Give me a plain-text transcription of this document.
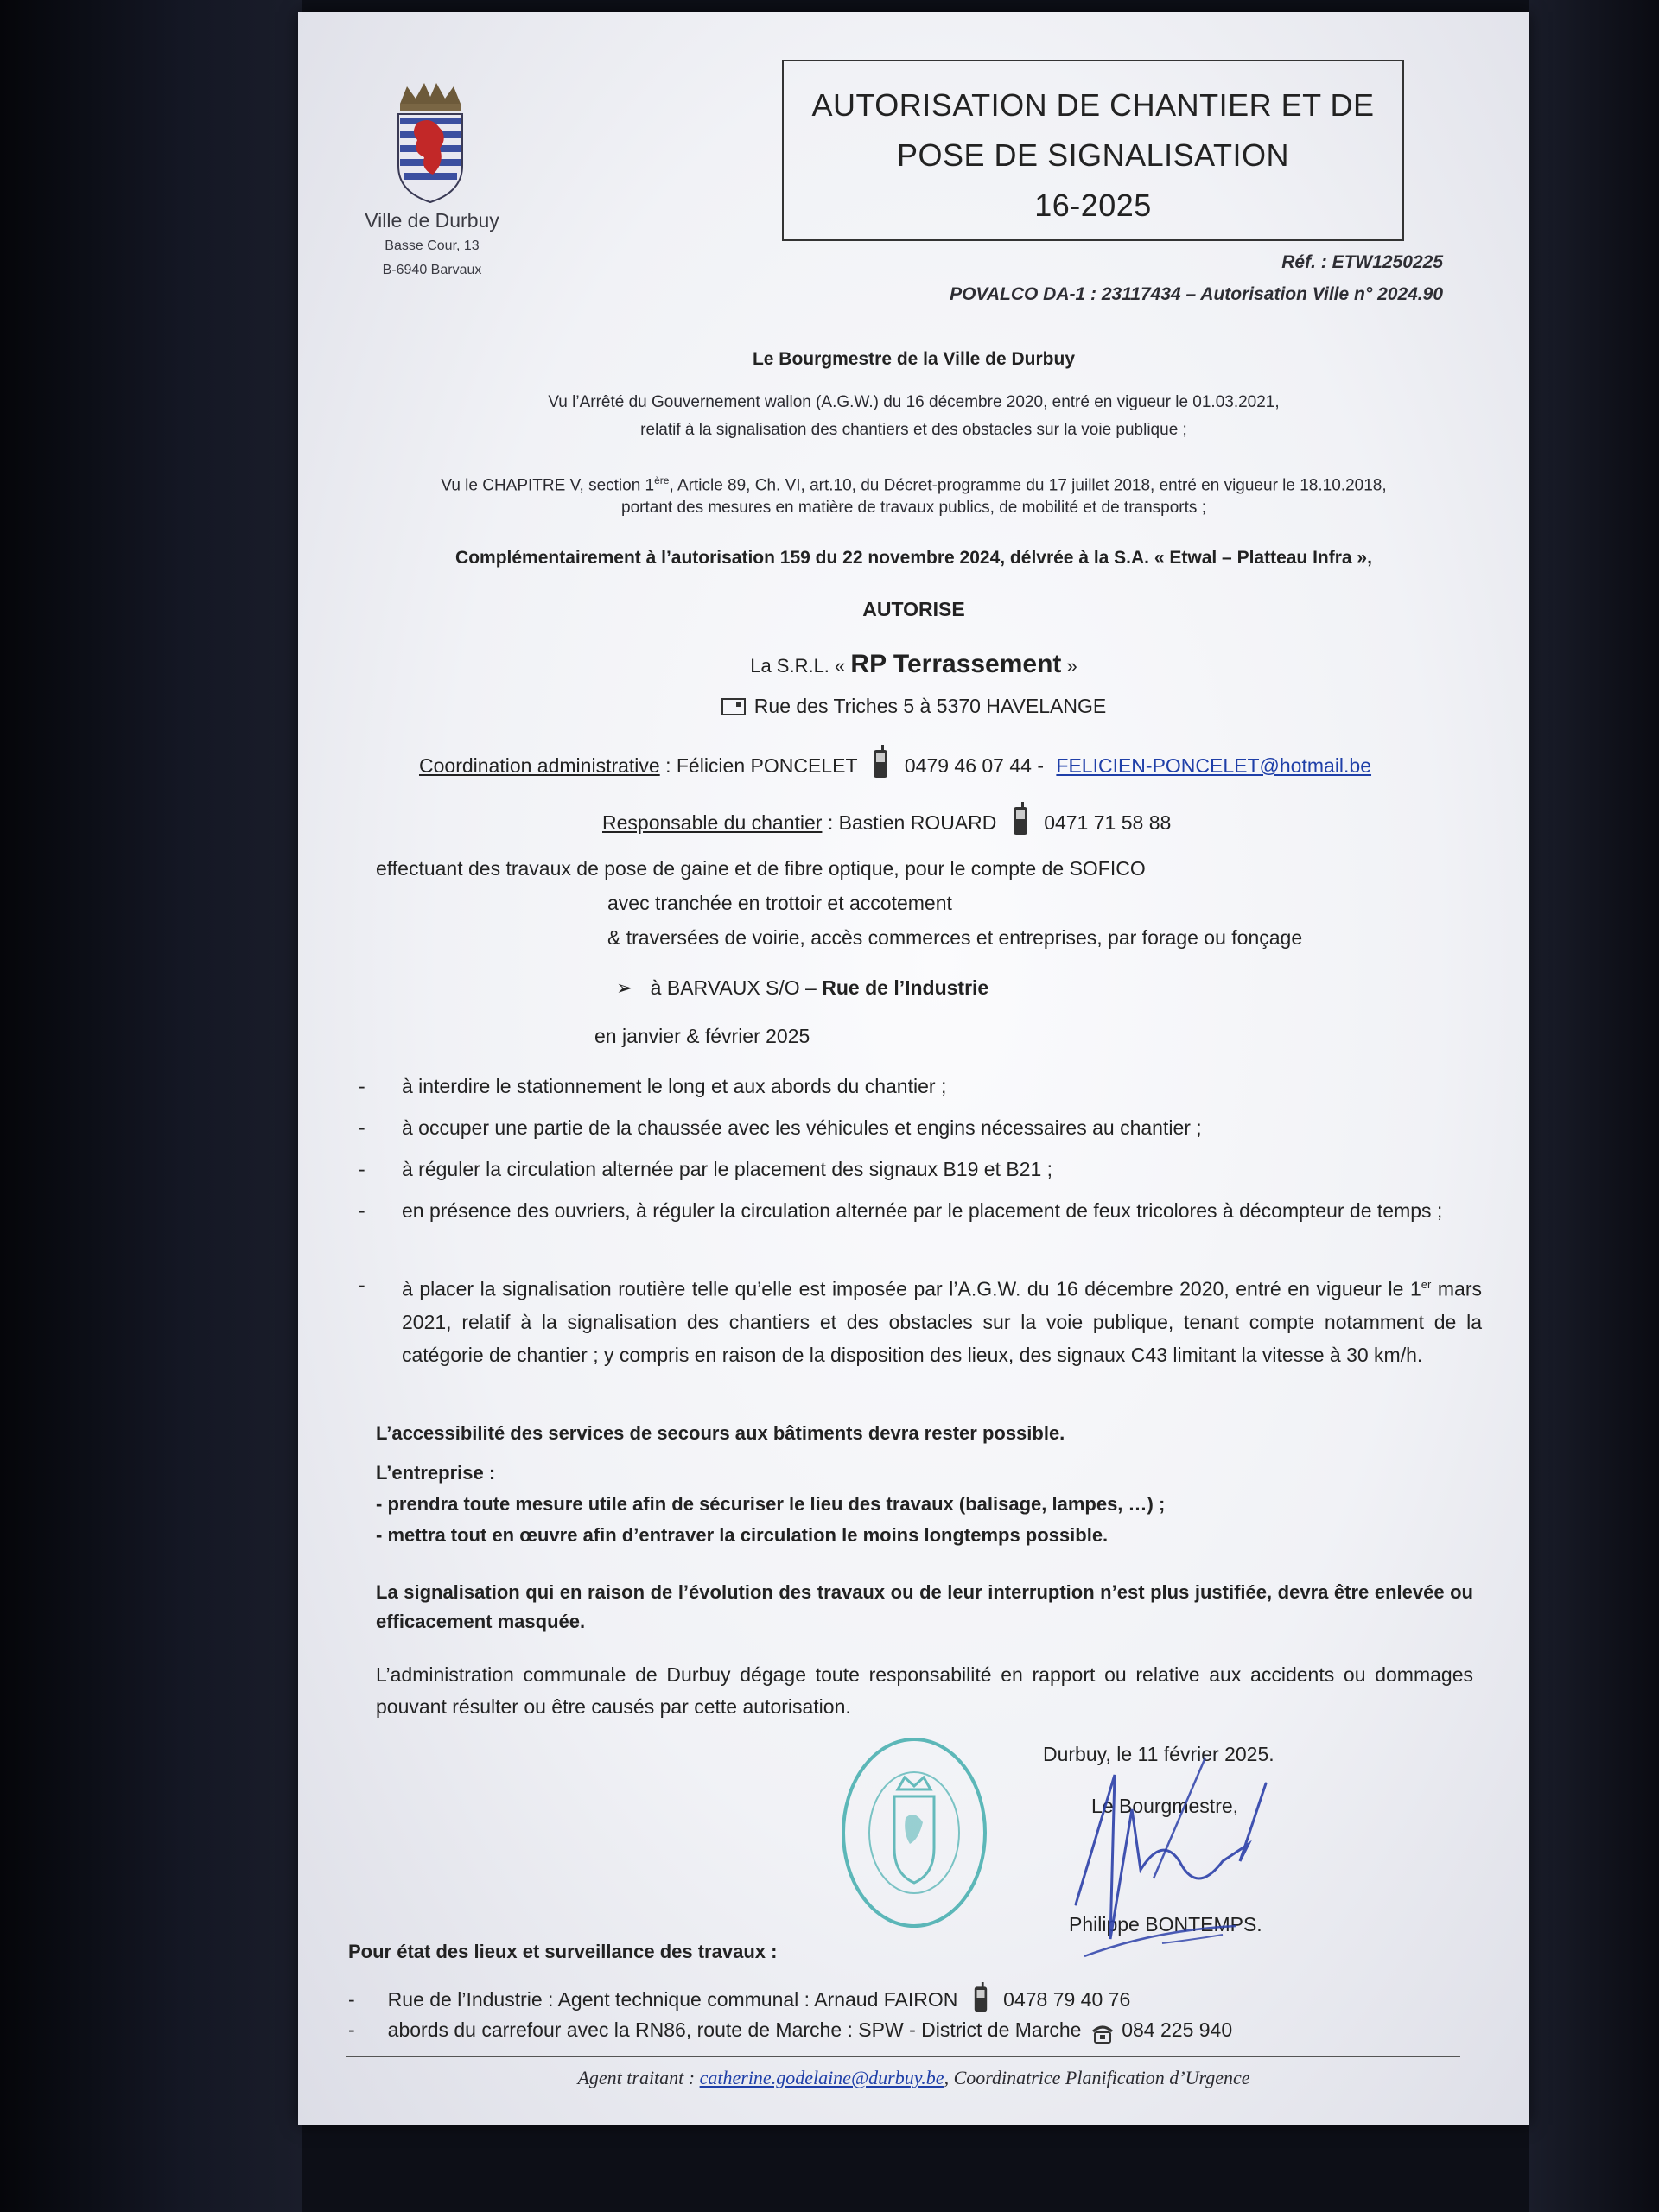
Ville de Durbuy
Basse Cour, 13
B-6940 Barvaux
AUTORISATION DE CHANTIER ET DE
POSE DE SIGNALISATION
16-2025
Réf. : ETW1250225
POVALCO DA-1 : 23117434 – Autorisation Ville n° 2024.90
Le Bourgmestre de la Ville de Durbuy
Vu l’Arrêté du Gouvernement wallon (A.G.W.) du 16 décembre 2020, entré en vigueur le 01.03.2021,
relatif à la signalisation des chantiers et des obstacles sur la voie publique ;
Vu le CHAPITRE V, section 1ère, Article 89, Ch. VI, art.10, du Décret-programme du 17 juillet 2018, entré en vigueur le 18.10.2018,
portant des mesures en matière de travaux publics, de mobilité et de transports ;
Complémentairement à l’autorisation 159 du 22 novembre 2024, délvrée à la S.A. « Etwal – Platteau Infra »,
AUTORISE
La S.R.L. « RP Terrassement »
Rue des Triches 5 à 5370 HAVELANGE
Coordination administrative : Félicien PONCELET 0479 46 07 44 - FELICIEN-PONCELET@hotmail.be
Responsable du chantier : Bastien ROUARD 0471 71 58 88
effectuant des travaux de pose de gaine et de fibre optique, pour le compte de SOFICO
avec tranchée en trottoir et accotement
& traversées de voirie, accès commerces et entreprises, par forage ou fonçage
➢ à BARVAUX S/O – Rue de l’Industrie
en janvier & février 2025
- à interdire le stationnement le long et aux abords du chantier ;
- à occuper une partie de la chaussée avec les véhicules et engins nécessaires au chantier ;
- à réguler la circulation alternée par le placement des signaux B19 et B21 ;
- en présence des ouvriers, à réguler la circulation alternée par le placement de feux tricolores à décompteur de temps ;
- à placer la signalisation routière telle qu’elle est imposée par l’A.G.W. du 16 décembre 2020, entré en vigueur le 1er mars 2021, relatif à la signalisation des chantiers et des obstacles sur la voie publique, tenant compte notamment de la catégorie de chantier ; y compris en raison de la disposition des lieux, des signaux C43 limitant la vitesse à 30 km/h.
L’accessibilité des services de secours aux bâtiments devra rester possible.
L’entreprise :
- prendra toute mesure utile afin de sécuriser le lieu des travaux (balisage, lampes, …) ;
- mettra tout en œuvre afin d’entraver la circulation le moins longtemps possible.
La signalisation qui en raison de l’évolution des travaux ou de leur interruption n’est plus justifiée, devra être enlevée ou efficacement masquée.
L’administration communale de Durbuy dégage toute responsabilité en rapport ou relative aux accidents ou dommages pouvant résulter ou être causés par cette autorisation.
Durbuy, le 11 février 2025.
Le Bourgmestre,
Philippe BONTEMPS.
Pour état des lieux et surveillance des travaux :
- Rue de l’Industrie : Agent technique communal : Arnaud FAIRON 0478 79 40 76
- abords du carrefour avec la RN86, route de Marche : SPW - District de Marche 084 225 940
Agent traitant : catherine.godelaine@durbuy.be, Coordinatrice Planification d’Urgence
